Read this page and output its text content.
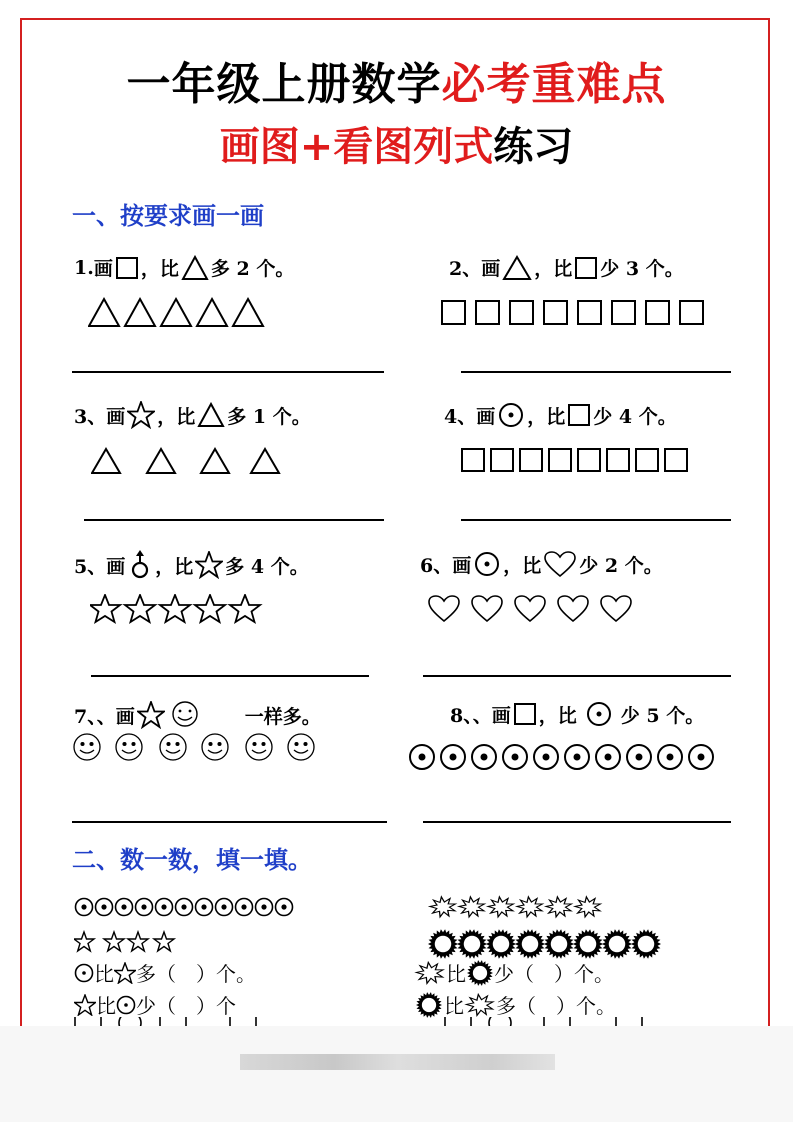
一年级上册数学必考重难点
画图+看图列式练习
一、按要求画一画
1. 画 ，比 多 2 个。	2、 画 ，比 少 3 个。
3、 画 ，比 多 1 个。	4、 画 ，比 少 4 个。
5、 画 ，比 多 4 个。	6、 画 ，比 少 2 个。
7、、 画	一样多。	8、、 画 ，比 少 5 个。
二、数一数，填一填。
比 多（　）个。
比 少（　）个
比 少（　）个。
比 多（　）个。
